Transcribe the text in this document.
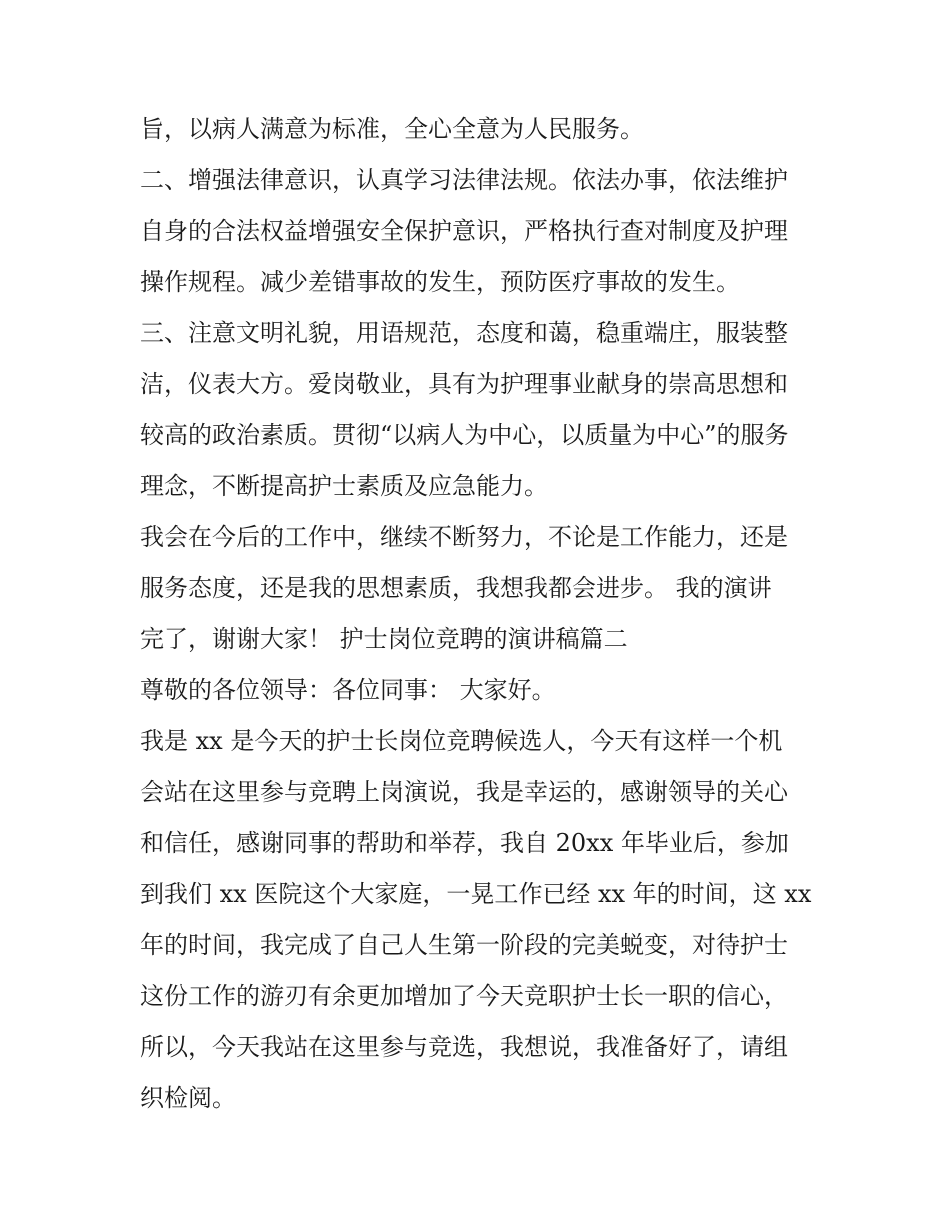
旨，以病人满意为标准，全心全意为人民服务。
二、增强法律意识，认真学习法律法规。依法办事，依法维护
自身的合法权益增强安全保护意识，严格执行查对制度及护理
操作规程。减少差错事故的发生，预防医疗事故的发生。
三、注意文明礼貌，用语规范，态度和蔼，稳重端庄，服装整
洁，仪表大方。爱岗敬业，具有为护理事业献身的崇高思想和
较高的政治素质。贯彻“以病人为中心，以质量为中心”的服务
理念，不断提高护士素质及应急能力。
我会在今后的工作中，继续不断努力，不论是工作能力，还是
服务态度，还是我的思想素质，我想我都会进步。 我的演讲
完了，谢谢大家！ 护士岗位竞聘的演讲稿篇二
尊敬的各位领导：各位同事： 大家好。
我是 xx 是今天的护士长岗位竞聘候选人，今天有这样一个机
会站在这里参与竞聘上岗演说，我是幸运的，感谢领导的关心
和信任，感谢同事的帮助和举荐，我自 20xx 年毕业后，参加
到我们 xx 医院这个大家庭，一晃工作已经 xx 年的时间，这 xx
年的时间，我完成了自己人生第一阶段的完美蜕变，对待护士
这份工作的游刃有余更加增加了今天竞职护士长一职的信心，
所以，今天我站在这里参与竞选，我想说，我准备好了，请组
织检阅。
